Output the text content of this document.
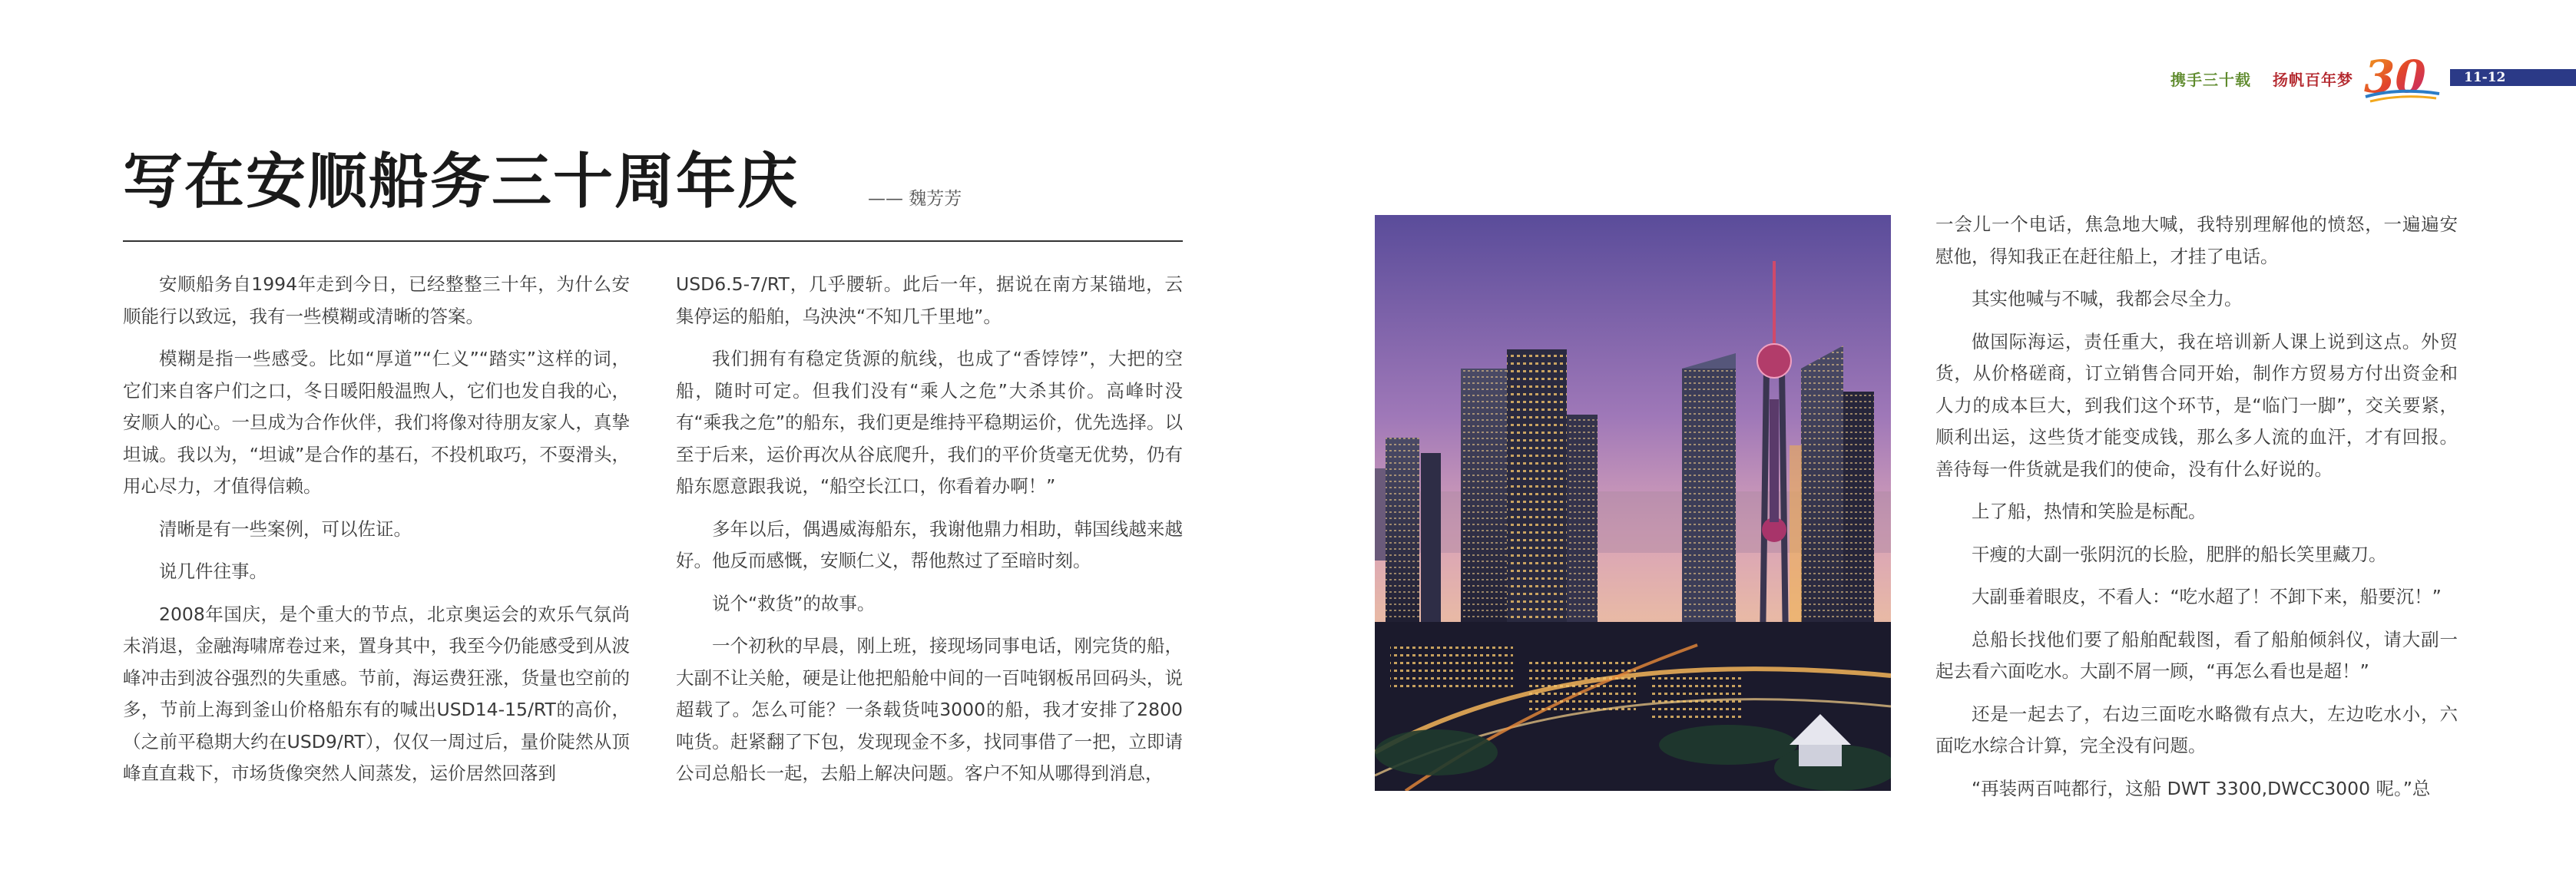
携手三十载 扬帆百年梦 30	11-12
写在安顺船务三十周年庆	—— 魏芳芳

安顺船务自1994年走到今日，已经整整三十年，为什么安顺能行以致远，我有一些模糊或清晰的答案。

模糊是指一些感受。比如“厚道”“仁义”“踏实”这样的词，它们来自客户们之口，冬日暖阳般温煦人，它们也发自我的心，安顺人的心。一旦成为合作伙伴，我们将像对待朋友家人，真挚坦诚。我以为，“坦诚”是合作的基石，不投机取巧，不耍滑头，用心尽力，才值得信赖。

清晰是有一些案例，可以佐证。

说几件往事。

2008年国庆，是个重大的节点，北京奥运会的欢乐气氛尚未消退，金融海啸席卷过来，置身其中，我至今仍能感受到从波峰冲击到波谷强烈的失重感。节前，海运费狂涨，货量也空前的多，节前上海到釜山价格船东有的喊出USD14-15/RT的高价，（之前平稳期大约在USD9/RT），仅仅一周过后，量价陡然从顶峰直直栽下，市场货像突然人间蒸发，运价居然回落到

USD6.5-7/RT，几乎腰斩。此后一年，据说在南方某锚地，云集停运的船舶，乌泱泱“不知几千里地”。

我们拥有有稳定货源的航线，也成了“香饽饽”，大把的空船，随时可定。但我们没有“乘人之危”大杀其价。高峰时没有“乘我之危”的船东，我们更是维持平稳期运价，优先选择。以至于后来，运价再次从谷底爬升，我们的平价货毫无优势，仍有船东愿意跟我说，“船空长江口，你看着办啊！”

多年以后，偶遇威海船东，我谢他鼎力相助，韩国线越来越好。他反而感慨，安顺仁义，帮他熬过了至暗时刻。

说个“救货”的故事。

一个初秋的早晨，刚上班，接现场同事电话，刚完货的船，大副不让关舱，硬是让他把船舱中间的一百吨钢板吊回码头，说超载了。怎么可能？一条载货吨3000的船，我才安排了2800吨货。赶紧翻了下包，发现现金不多，找同事借了一把，立即请公司总船长一起，去船上解决问题。客户不知从哪得到消息，

一会儿一个电话，焦急地大喊，我特别理解他的愤怒，一遍遍安慰他，得知我正在赶往船上，才挂了电话。

其实他喊与不喊，我都会尽全力。

做国际海运，责任重大，我在培训新人课上说到这点。外贸货，从价格磋商，订立销售合同开始，制作方贸易方付出资金和人力的成本巨大，到我们这个环节，是“临门一脚”，交关要紧，顺利出运，这些货才能变成钱，那么多人流的血汗，才有回报。善待每一件货就是我们的使命，没有什么好说的。

上了船，热情和笑脸是标配。

干瘦的大副一张阴沉的长脸，肥胖的船长笑里藏刀。

大副垂着眼皮，不看人：“吃水超了！不卸下来，船要沉！”

总船长找他们要了船舶配载图，看了船舶倾斜仪，请大副一起去看六面吃水。大副不屑一顾，“再怎么看也是超！”

还是一起去了，右边三面吃水略微有点大，左边吃水小，六面吃水综合计算，完全没有问题。

“再装两百吨都行，这船 DWT 3300,DWCC3000 呢。”总
